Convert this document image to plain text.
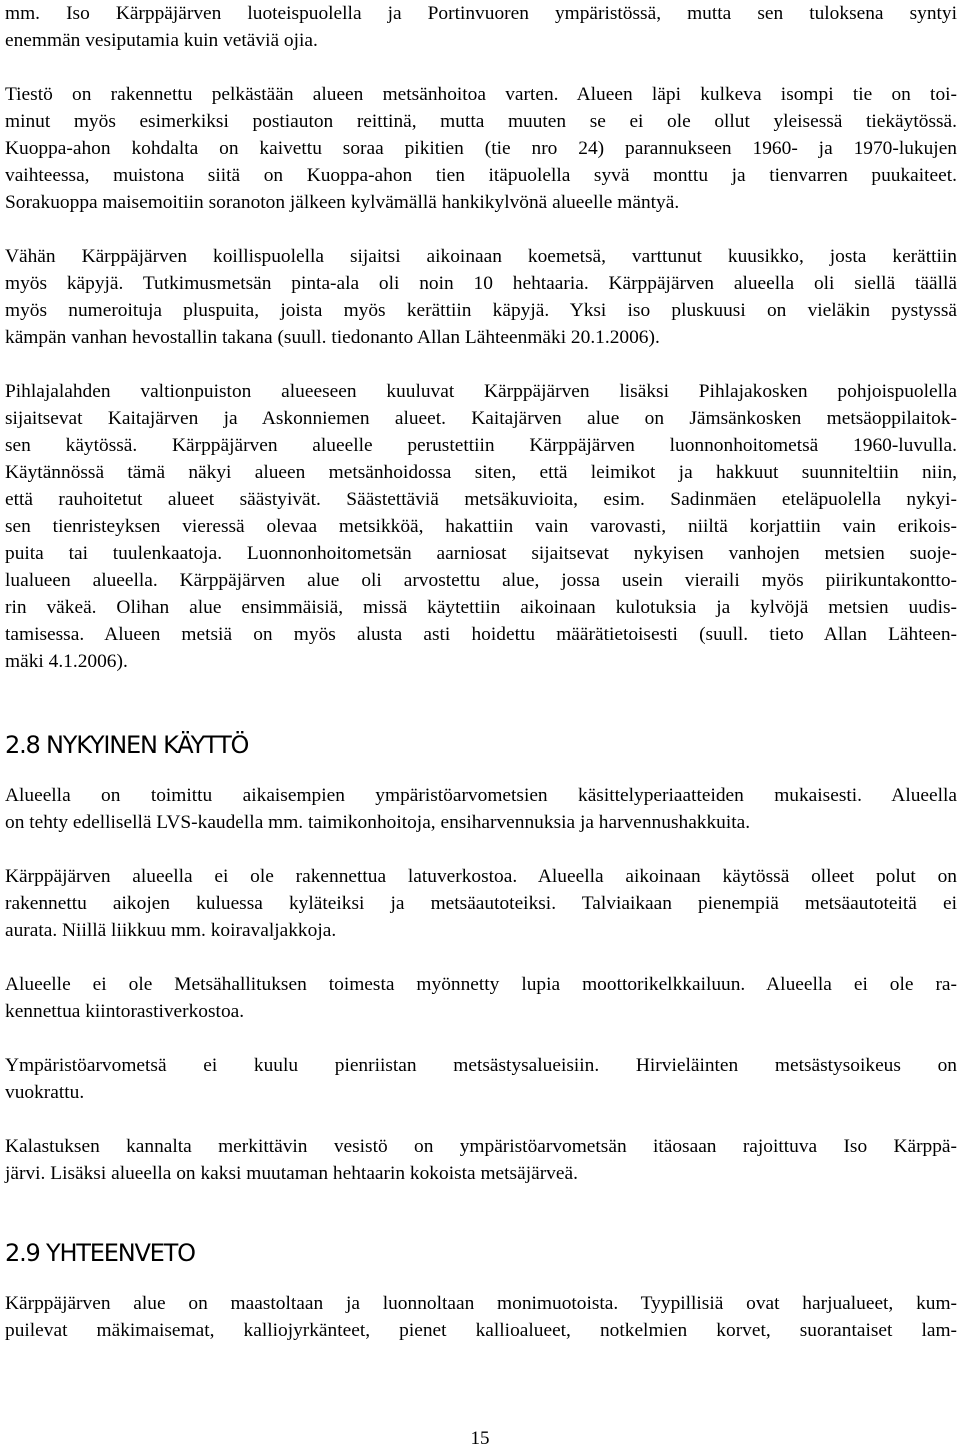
mm. Iso Kärppäjärven luoteispuolella ja Portinvuoren ympäristössä, mutta sen tuloksena syntyi
enemmän vesiputamia kuin vetäviä ojia.
Tiestö on rakennettu pelkästään alueen metsänhoitoa varten. Alueen läpi kulkeva isompi tie on toi-
minut myös esimerkiksi postiauton reittinä, mutta muuten se ei ole ollut yleisessä tiekäytössä.
Kuoppa-ahon kohdalta on kaivettu soraa pikitien (tie nro 24) parannukseen 1960- ja 1970-lukujen
vaihteessa, muistona siitä on Kuoppa-ahon tien itäpuolella syvä monttu ja tienvarren puukaiteet.
Sorakuoppa maisemoitiin soranoton jälkeen kylvämällä hankikylvönä alueelle mäntyä.
Vähän Kärppäjärven koillispuolella sijaitsi aikoinaan koemetsä, varttunut kuusikko, josta kerättiin
myös käpyjä. Tutkimusmetsän pinta-ala oli noin 10 hehtaaria. Kärppäjärven alueella oli siellä täällä
myös numeroituja pluspuita, joista myös kerättiin käpyjä. Yksi iso pluskuusi on vieläkin pystyssä
kämpän vanhan hevostallin takana (suull. tiedonanto Allan Lähteenmäki 20.1.2006).
Pihlajalahden valtionpuiston alueeseen kuuluvat Kärppäjärven lisäksi Pihlajakosken pohjoispuolella
sijaitsevat Kaitajärven ja Askonniemen alueet. Kaitajärven alue on Jämsänkosken metsäoppilaitok-
sen käytössä. Kärppäjärven alueelle perustettiin Kärppäjärven luonnonhoitometsä 1960-luvulla.
Käytännössä tämä näkyi alueen metsänhoidossa siten, että leimikot ja hakkuut suunniteltiin niin,
että rauhoitetut alueet säästyivät. Säästettäviä metsäkuvioita, esim. Sadinmäen eteläpuolella nykyi-
sen tienristeyksen vieressä olevaa metsikköä, hakattiin vain varovasti, niiltä korjattiin vain erikois-
puita tai tuulenkaatoja. Luonnonhoitometsän aarniosat sijaitsevat nykyisen vanhojen metsien suoje-
lualueen alueella. Kärppäjärven alue oli arvostettu alue, jossa usein vieraili myös piirikuntakontto-
rin väkeä. Olihan alue ensimmäisiä, missä käytettiin aikoinaan kulotuksia ja kylvöjä metsien uudis-
tamisessa. Alueen metsiä on myös alusta asti hoidettu määrätietoisesti (suull. tieto Allan Lähteen-
mäki 4.1.2006).
2.8 NYKYINEN KÄYTTÖ
Alueella on toimittu aikaisempien ympäristöarvometsien käsittelyperiaatteiden mukaisesti. Alueella
on tehty edellisellä LVS-kaudella mm. taimikonhoitoja, ensiharvennuksia ja harvennushakkuita.
Kärppäjärven alueella ei ole rakennettua latuverkostoa. Alueella aikoinaan käytössä olleet polut on
rakennettu aikojen kuluessa kyläteiksi ja metsäautoteiksi. Talviaikaan pienempiä metsäautoteitä ei
aurata. Niillä liikkuu mm. koiravaljakkoja.
Alueelle ei ole Metsähallituksen toimesta myönnetty lupia moottorikelkkailuun. Alueella ei ole ra-
kennettua kiintorastiverkostoa.
Ympäristöarvometsä ei kuulu pienriistan metsästysalueisiin. Hirvieläinten metsästysoikeus on
vuokrattu.
Kalastuksen kannalta merkittävin vesistö on ympäristöarvometsän itäosaan rajoittuva Iso Kärppä-
järvi. Lisäksi alueella on kaksi muutaman hehtaarin kokoista metsäjärveä.
2.9 YHTEENVETO
Kärppäjärven alue on maastoltaan ja luonnoltaan monimuotoista. Tyypillisiä ovat harjualueet, kum-
puilevat mäkimaisemat, kalliojyrkänteet, pienet kallioalueet, notkelmien korvet, suorantaiset lam-
15
